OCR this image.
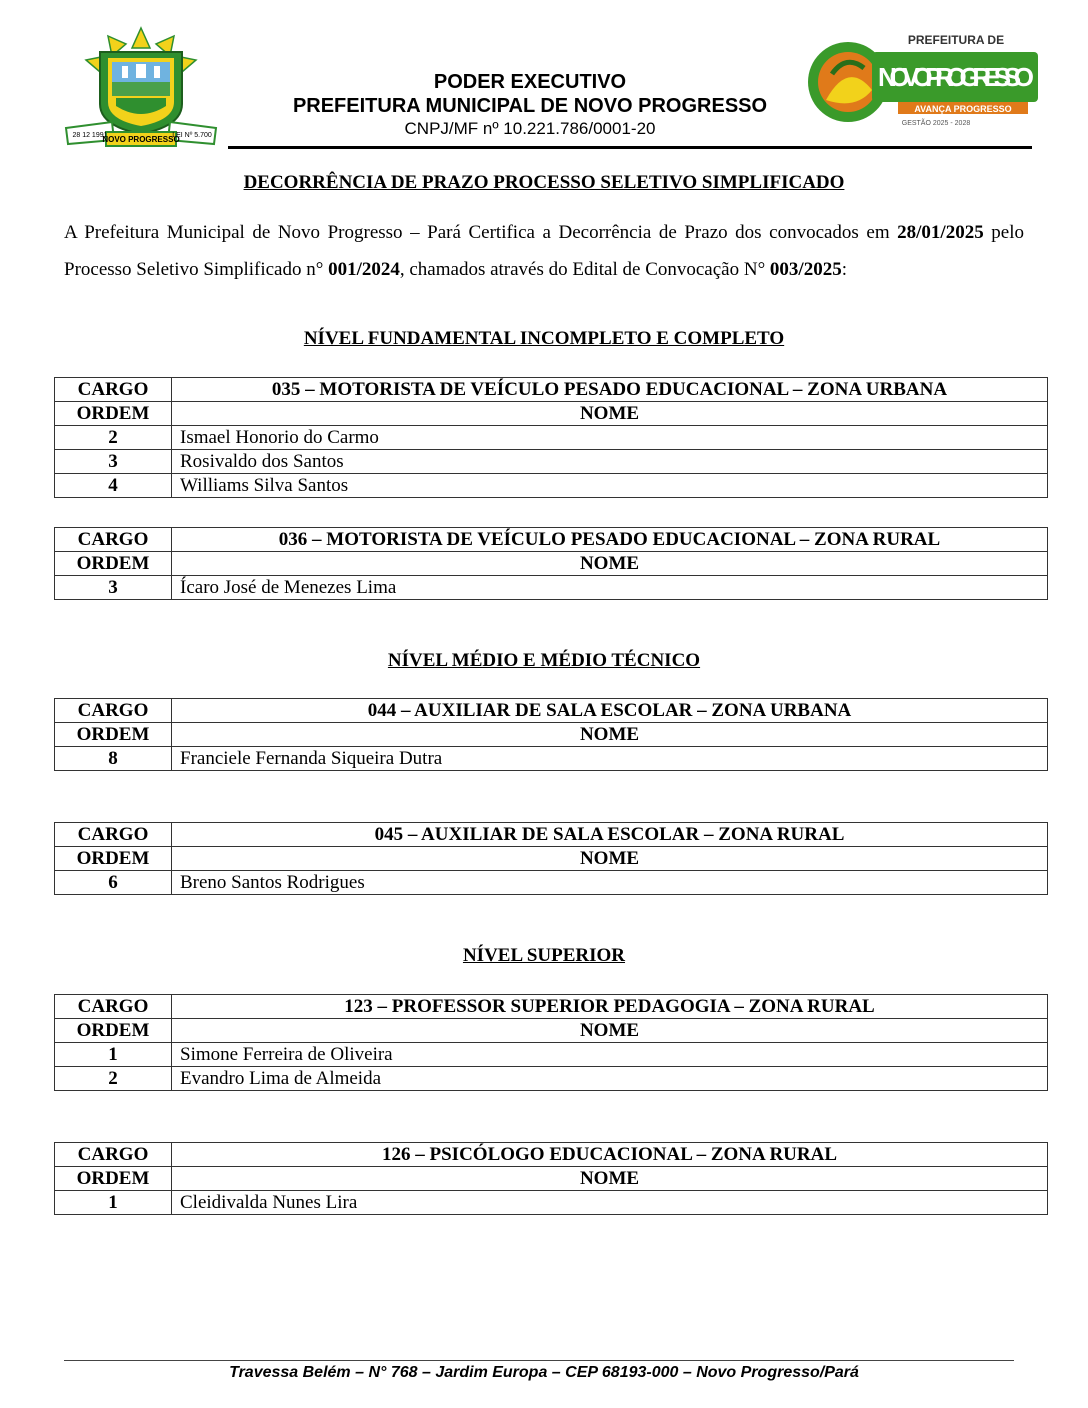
28 12 1991	LEI Nº 5.700
NOVO PROGRESSO
PODER EXECUTIVO
PREFEITURA MUNICIPAL DE NOVO PROGRESSO
CNPJ/MF nº 10.221.786/0001-20
PREFEITURA DE
NOVO PROGRESSO
AVANÇA PROGRESSO
GESTÃO 2025 - 2028
DECORRÊNCIA DE PRAZO PROCESSO SELETIVO SIMPLIFICADO
A Prefeitura Municipal de Novo Progresso – Pará Certifica a Decorrência de Prazo dos convocados em 28/01/2025 pelo Processo Seletivo Simplificado n° 001/2024, chamados através do Edital de Convocação N° 003/2025:
NÍVEL FUNDAMENTAL INCOMPLETO E COMPLETO
CARGO	035 – MOTORISTA DE VEÍCULO PESADO EDUCACIONAL – ZONA URBANA
ORDEM	NOME
2	Ismael Honorio do Carmo
3	Rosivaldo dos Santos
4	Williams Silva Santos
CARGO	036 – MOTORISTA DE VEÍCULO PESADO EDUCACIONAL – ZONA RURAL
ORDEM	NOME
3	Ícaro José de Menezes Lima
NÍVEL MÉDIO E MÉDIO TÉCNICO
CARGO	044 – AUXILIAR DE SALA ESCOLAR – ZONA URBANA
ORDEM	NOME
8	Franciele Fernanda Siqueira Dutra
CARGO	045 – AUXILIAR DE SALA ESCOLAR – ZONA RURAL
ORDEM	NOME
6	Breno Santos Rodrigues
NÍVEL SUPERIOR
CARGO	123 – PROFESSOR SUPERIOR PEDAGOGIA – ZONA RURAL
ORDEM	NOME
1	Simone Ferreira de Oliveira
2	Evandro Lima de Almeida
CARGO	126 – PSICÓLOGO EDUCACIONAL – ZONA RURAL
ORDEM	NOME
1	Cleidivalda Nunes Lira
Travessa Belém – N° 768 – Jardim Europa – CEP 68193-000 – Novo Progresso/Pará
